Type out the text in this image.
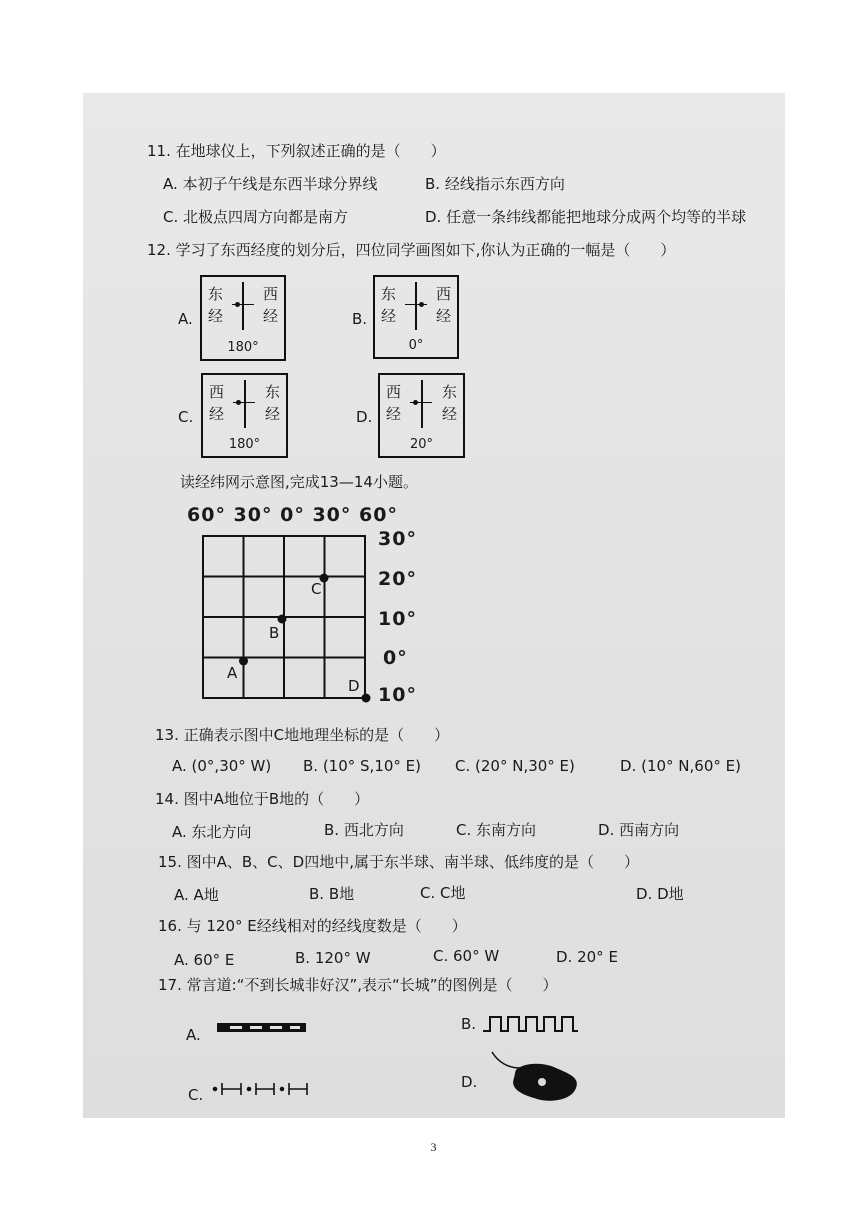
11. 在地球仪上，下列叙述正确的是（　　）
A. 本初子午线是东西半球分界线	B. 经线指示东西方向
C. 北极点四周方向都是南方	D. 任意一条纬线都能把地球分成两个均等的半球
12. 学习了东西经度的划分后，四位同学画图如下,你认为正确的一幅是（　　）
A.
东
经
西
经
180°
B.
东
经
西
经
0°
C.
西
经
东
经
180°
D.
西
经
东
经
20°
读经纬网示意图,完成13—14小题。
60° 30° 0° 30° 60°
30°
20°
10°
0°
10°
A
B
C
D
13. 正确表示图中C地地理坐标的是（　　）
A. (0°,30° W) B. (10° S,10° E) C. (20° N,30° E)	D. (10° N,60° E)
14. 图中A地位于B地的（　　）
A. 东北方向	B. 西北方向	C. 东南方向	D. 西南方向
15. 图中A、B、C、D四地中,属于东半球、南半球、低纬度的是（　　）
A. A地	B. B地	C. C地	D. D地
16. 与 120° E经线相对的经线度数是（　　）
A. 60° E	B. 120° W	C. 60° W	D. 20° E
17. 常言道:“不到长城非好汉”,表示“长城”的图例是（　　）
A.
B.
C.
D.
3
